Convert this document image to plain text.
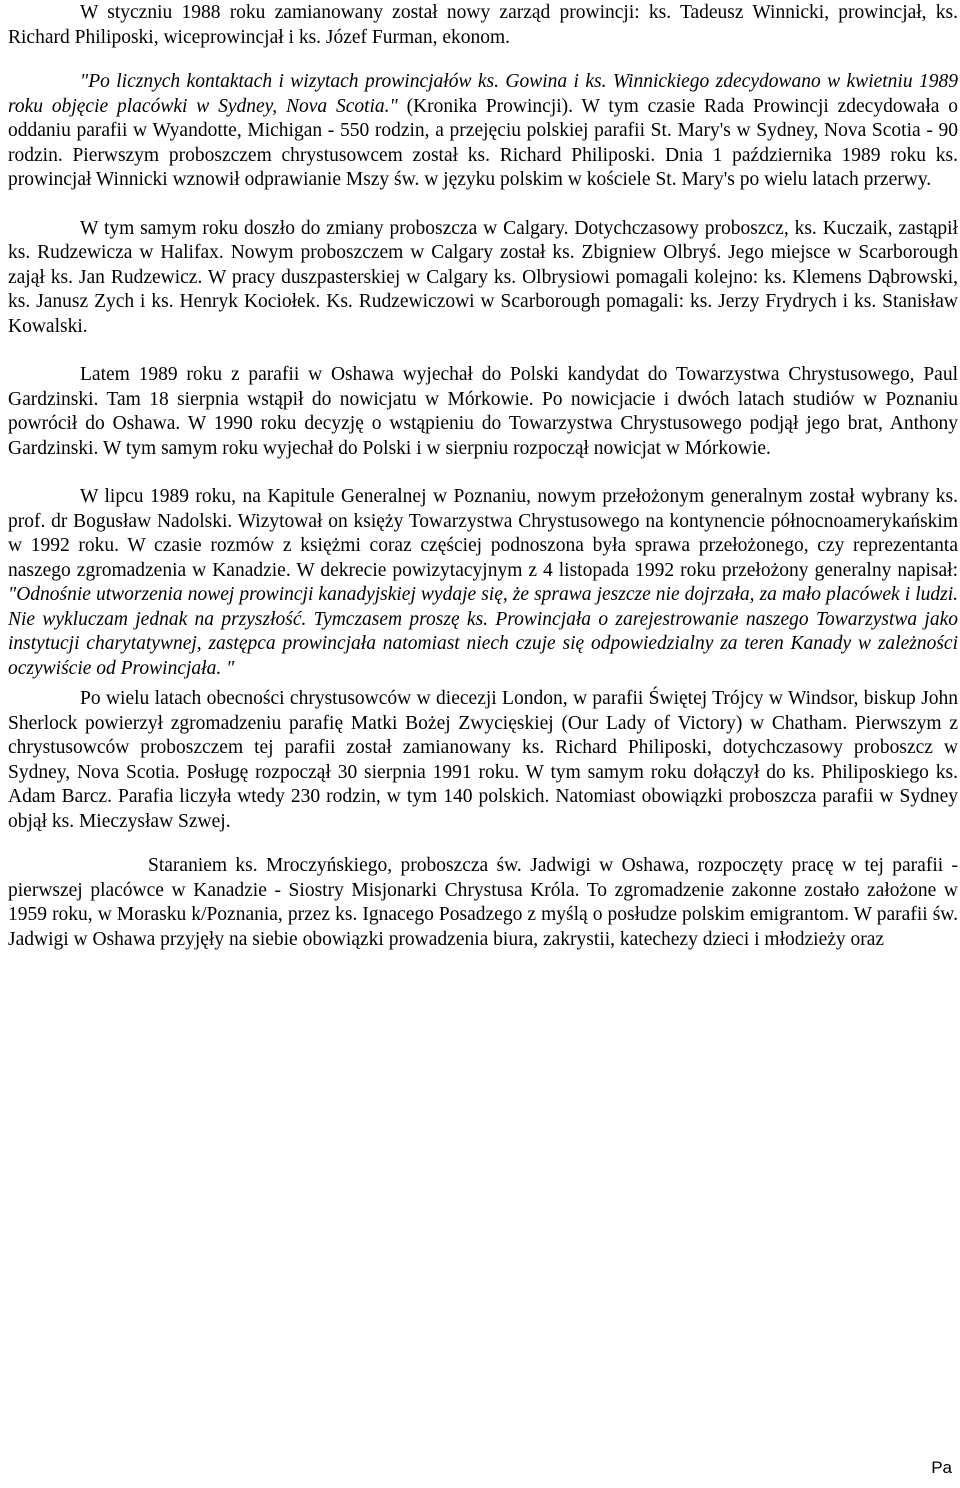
W styczniu 1988 roku zamianowany został nowy zarząd prowincji: ks. Tadeusz Winnicki, prowincjał, ks. Richard Philiposki, wiceprowincjał i ks. Józef Furman, ekonom.

"Po licznych kontaktach i wizytach prowincjałów ks. Gowina i ks. Winnickiego zdecydowano w kwietniu 1989 roku objęcie placówki w Sydney, Nova Scotia." (Kronika Prowincji). W tym czasie Rada Prowincji zdecydowała o oddaniu parafii w Wyandotte, Michigan - 550 rodzin, a przejęciu polskiej parafii St. Mary's w Sydney, Nova Scotia - 90 rodzin. Pierwszym proboszczem chrystusowcem został ks. Richard Philiposki. Dnia 1 października 1989 roku ks. prowincjał Winnicki wznowił odprawianie Mszy św. w języku polskim w kościele St. Mary's po wielu latach przerwy.

W tym samym roku doszło do zmiany proboszcza w Calgary. Dotychczasowy proboszcz, ks. Kuczaik, zastąpił ks. Rudzewicza w Halifax. Nowym proboszczem w Calgary został ks. Zbigniew Olbryś. Jego miejsce w Scarborough zajął ks. Jan Rudzewicz. W pracy duszpasterskiej w Calgary ks. Olbrysiowi pomagali kolejno: ks. Klemens Dąbrowski, ks. Janusz Zych i ks. Henryk Kociołek. Ks. Rudzewiczowi w Scarborough pomagali: ks. Jerzy Frydrych i ks. Stanisław Kowalski.

Latem 1989 roku z parafii w Oshawa wyjechał do Polski kandydat do Towarzystwa Chrystusowego, Paul Gardzinski. Tam 18 sierpnia wstąpił do nowicjatu w Mórkowie. Po nowicjacie i dwóch latach studiów w Poznaniu powrócił do Oshawa. W 1990 roku decyzję o wstąpieniu do Towarzystwa Chrystusowego podjął jego brat, Anthony Gardzinski. W tym samym roku wyjechał do Polski i w sierpniu rozpoczął nowicjat w Mórkowie.

W lipcu 1989 roku, na Kapitule Generalnej w Poznaniu, nowym przełożonym generalnym został wybrany ks. prof. dr Bogusław Nadolski. Wizytował on księży Towarzystwa Chrystusowego na kontynencie północnoamerykańskim w 1992 roku. W czasie rozmów z księżmi coraz częściej podnoszona była sprawa przełożonego, czy reprezentanta naszego zgromadzenia w Kanadzie. W dekrecie powizytacyjnym z 4 listopada 1992 roku przełożony generalny napisał: "Odnośnie utworzenia nowej prowincji kanadyjskiej wydaje się, że sprawa jeszcze nie dojrzała, za mało placówek i ludzi. Nie wykluczam jednak na przyszłość. Tymczasem proszę ks. Prowincjała o zarejestrowanie naszego Towarzystwa jako instytucji charytatywnej, zastępca prowincjała natomiast niech czuje się odpowiedzialny za teren Kanady w zależności oczywiście od Prowincjała. "

Po wielu latach obecności chrystusowców w diecezji London, w parafii Świętej Trójcy w Windsor, biskup John Sherlock powierzył zgromadzeniu parafię Matki Bożej Zwycięskiej (Our Lady of Victory) w Chatham. Pierwszym z chrystusowców proboszczem tej parafii został zamianowany ks. Richard Philiposki, dotychczasowy proboszcz w Sydney, Nova Scotia. Posługę rozpoczął 30 sierpnia 1991 roku. W tym samym roku dołączył do ks. Philiposkiego ks. Adam Barcz. Parafia liczyła wtedy 230 rodzin, w tym 140 polskich. Natomiast obowiązki proboszcza parafii w Sydney objął ks. Mieczysław Szwej.

Staraniem ks. Mroczyńskiego, proboszcza św. Jadwigi w Oshawa, rozpoczęty pracę w tej parafii - pierwszej placówce w Kanadzie - Siostry Misjonarki Chrystusa Króla. To zgromadzenie zakonne zostało założone w 1959 roku, w Morasku k/Poznania, przez ks. Ignacego Posadzego z myślą o posłudze polskim emigrantom. W parafii św. Jadwigi w Oshawa przyjęły na siebie obowiązki prowadzenia biura, zakrystii, katechezy dzieci i młodzieży oraz

Pa
